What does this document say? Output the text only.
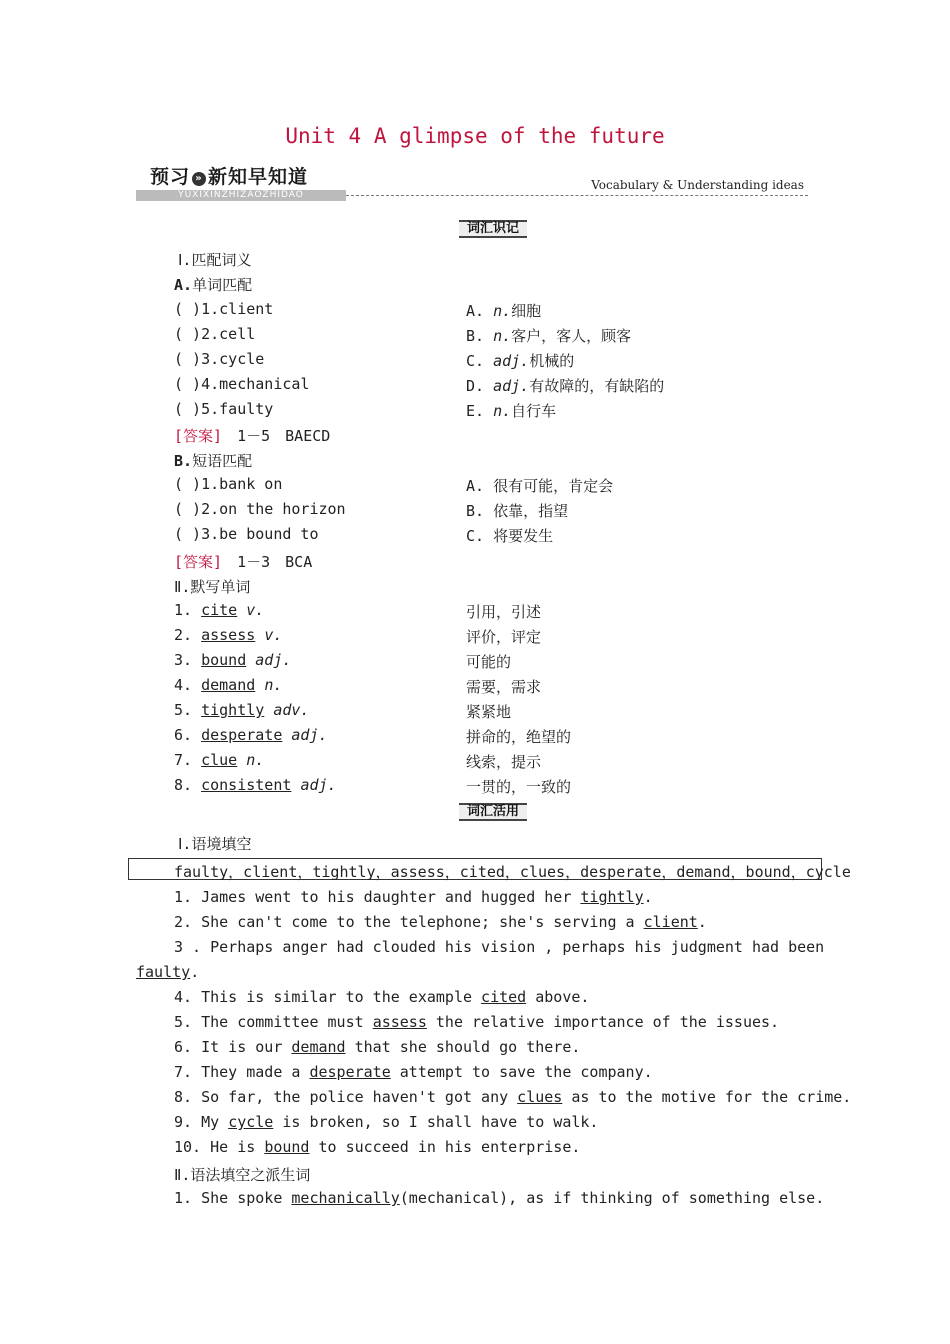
Unit 4 A glimpse of the future
预习 » 新知早知道
YUXIXINZHIZAOZHIDAO
Vocabulary & Understanding ideas
词汇识记
Ⅰ.匹配词义
A.单词匹配
( )1.client	A. n.细胞
( )2.cell	B. n.客户，客人，顾客
( )3.cycle	C. adj.机械的
( )4.mechanical	D. adj.有故障的，有缺陷的
( )5.faulty	E. n.自行车
[答案]　 1－5　BAECD
B.短语匹配
( )1.bank on	A. 很有可能，肯定会
( )2.on the horizon	B. 依靠，指望
( )3.be bound to	C. 将要发生
[答案]　 1－3　BCA
Ⅱ.默写单词
1. cite v.	引用，引述
2. assess v.	评价，评定
3. bound adj.	可能的
4. demand n.	需要，需求
5. tightly adv.	紧紧地
6. desperate adj.	拼命的，绝望的
7. clue n.	线索，提示
8. consistent adj.	一贯的，一致的
词汇活用
Ⅰ.语境填空
faulty，client，tightly，assess，cited，clues，desperate，demand，bound，cycle
1. James went to his daughter and hugged her tightly.
2. She can't come to the telephone; she's serving a client.
3 . Perhaps anger had clouded his vision , perhaps his judgment had been
faulty.
4. This is similar to the example cited above.
5. The committee must assess the relative importance of the issues.
6. It is our demand that she should go there.
7. They made a desperate attempt to save the company.
8. So far, the police haven't got any clues as to the motive for the crime.
9. My cycle is broken, so I shall have to walk.
10. He is bound to succeed in his enterprise.
Ⅱ.语法填空之派生词
1. She spoke mechanically(mechanical), as if thinking of something else.
